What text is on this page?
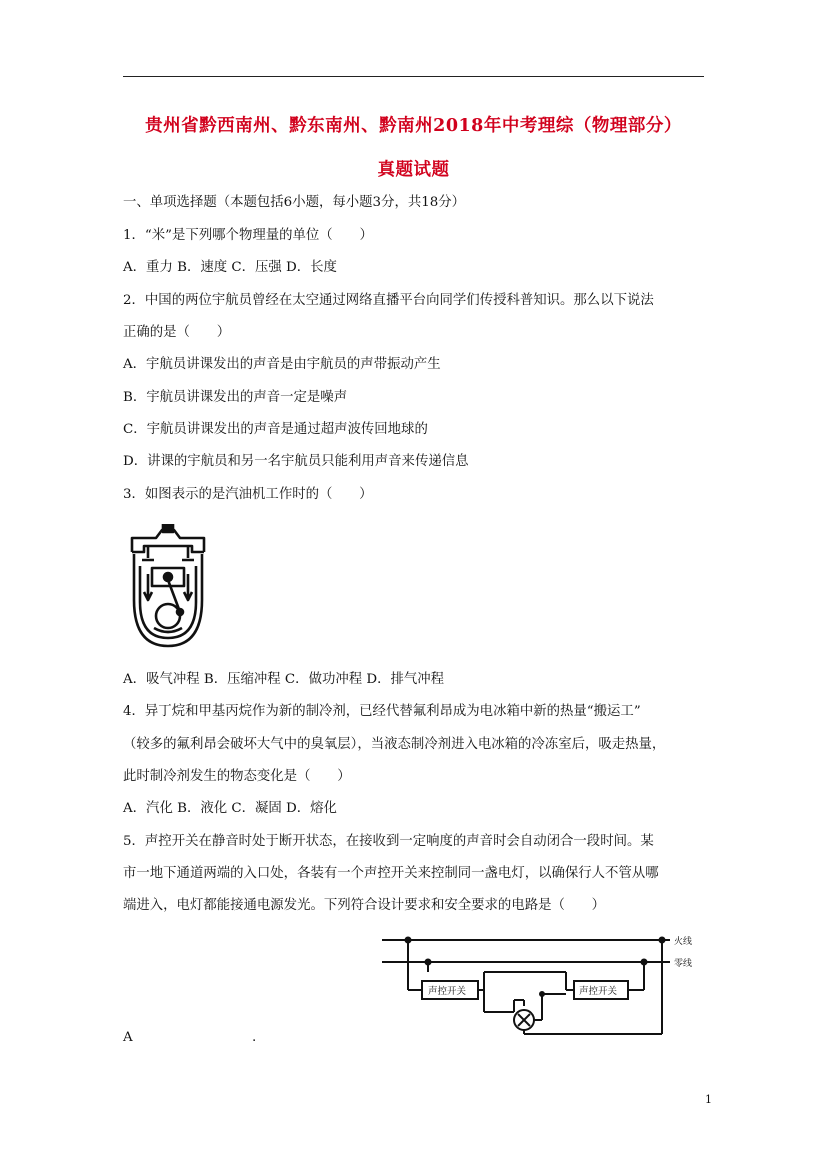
贵州省黔西南州、黔东南州、黔南州2018年中考理综（物理部分）
真题试题
一、单项选择题（本题包括6小题，每小题3分，共18分）
1．“米”是下列哪个物理量的单位（　　）
A．重力 B．速度 C．压强 D．长度
2．中国的两位宇航员曾经在太空通过网络直播平台向同学们传授科普知识。那么以下说法
正确的是（　　）
A．宇航员讲课发出的声音是由宇航员的声带振动产生
B．宇航员讲课发出的声音一定是噪声
C．宇航员讲课发出的声音是通过超声波传回地球的
D．讲课的宇航员和另一名宇航员只能利用声音来传递信息
3．如图表示的是汽油机工作时的（　　）
A．吸气冲程 B．压缩冲程 C．做功冲程 D．排气冲程
4．异丁烷和甲基丙烷作为新的制冷剂，已经代替氟利昂成为电冰箱中新的热量“搬运工”
（较多的氟利昂会破坏大气中的臭氧层），当液态制冷剂进入电冰箱的冷冻室后，吸走热量，
此时制冷剂发生的物态变化是（　　）
A．汽化 B．液化 C．凝固 D．熔化
5．声控开关在静音时处于断开状态，在接收到一定响度的声音时会自动闭合一段时间。某
市一地下通道两端的入口处，各装有一个声控开关来控制同一盏电灯，以确保行人不管从哪
端进入，电灯都能接通电源发光。下列符合设计要求和安全要求的电路是（　　）
火线
零线
声控开关	声控开关
A	.
1
